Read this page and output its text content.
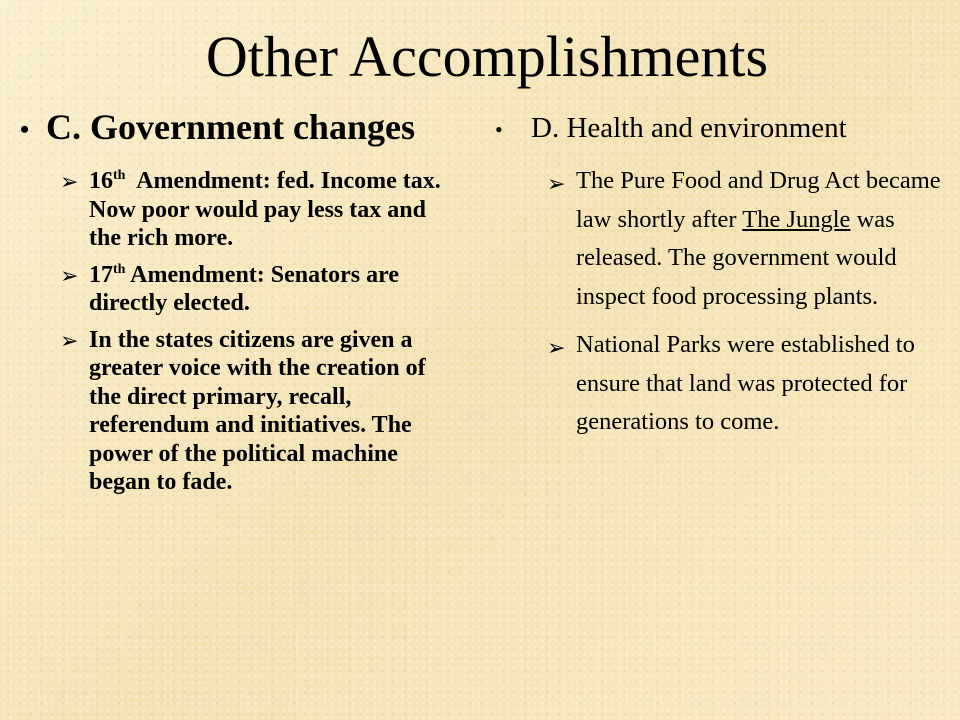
Other Accomplishments
• C. Government changes
➢ 16th  Amendment: fed. Income tax.  Now poor would pay less tax and the rich more.
➢ 17th Amendment: Senators are directly elected.
➢ In the states citizens are given a greater voice with the creation of the direct primary, recall, referendum and initiatives. The power of the political machine began to fade.
• D. Health and environment
➢ The Pure Food and Drug Act became law shortly after The Jungle was released. The government would inspect food processing plants.
➢ National Parks were established to ensure that land was protected for generations to come.
